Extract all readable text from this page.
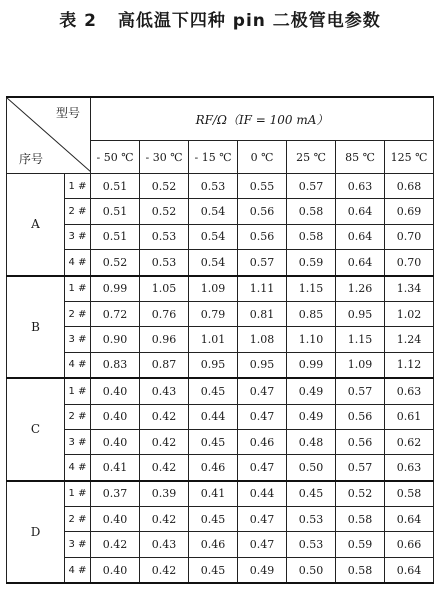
表 2 高低温下四种 pin 二极管电参数
型号
序号		RF/Ω（IF = 100 mA）						
		- 50 ℃	- 30 ℃	- 15 ℃	0 ℃	25 ℃	85 ℃	125 ℃
A	1 #	0.51	0.52	0.53	0.55	0.57	0.63	0.68
	2 #	0.51	0.52	0.54	0.56	0.58	0.64	0.69
	3 #	0.51	0.53	0.54	0.56	0.58	0.64	0.70
	4 #	0.52	0.53	0.54	0.57	0.59	0.64	0.70
B	1 #	0.99	1.05	1.09	1.11	1.15	1.26	1.34
	2 #	0.72	0.76	0.79	0.81	0.85	0.95	1.02
	3 #	0.90	0.96	1.01	1.08	1.10	1.15	1.24
	4 #	0.83	0.87	0.95	0.95	0.99	1.09	1.12
C	1 #	0.40	0.43	0.45	0.47	0.49	0.57	0.63
	2 #	0.40	0.42	0.44	0.47	0.49	0.56	0.61
	3 #	0.40	0.42	0.45	0.46	0.48	0.56	0.62
	4 #	0.41	0.42	0.46	0.47	0.50	0.57	0.63
D	1 #	0.37	0.39	0.41	0.44	0.45	0.52	0.58
	2 #	0.40	0.42	0.45	0.47	0.53	0.58	0.64
	3 #	0.42	0.43	0.46	0.47	0.53	0.59	0.66
	4 #	0.40	0.42	0.45	0.49	0.50	0.58	0.64
